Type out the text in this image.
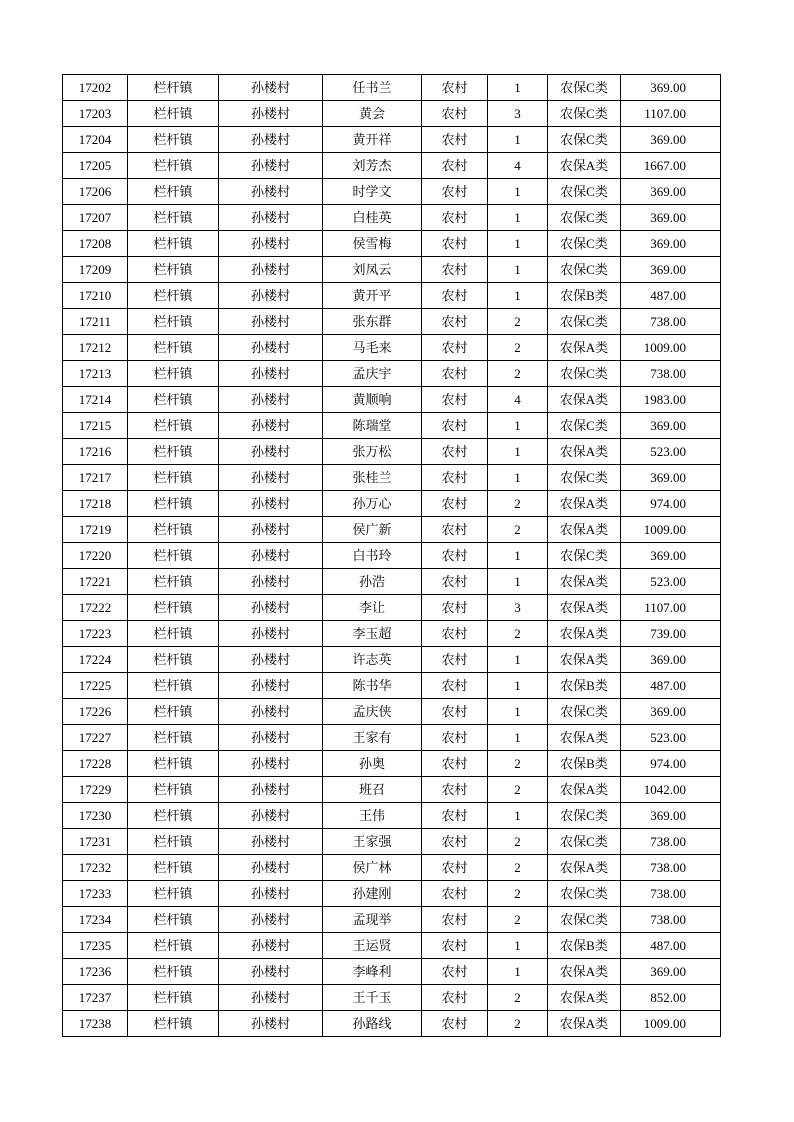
17202	栏杆镇	孙楼村	任书兰	农村	1	农保C类	369.00
17203	栏杆镇	孙楼村	黄会	农村	3	农保C类	1107.00
17204	栏杆镇	孙楼村	黄开祥	农村	1	农保C类	369.00
17205	栏杆镇	孙楼村	刘芳杰	农村	4	农保A类	1667.00
17206	栏杆镇	孙楼村	时学文	农村	1	农保C类	369.00
17207	栏杆镇	孙楼村	白桂英	农村	1	农保C类	369.00
17208	栏杆镇	孙楼村	侯雪梅	农村	1	农保C类	369.00
17209	栏杆镇	孙楼村	刘凤云	农村	1	农保C类	369.00
17210	栏杆镇	孙楼村	黄开平	农村	1	农保B类	487.00
17211	栏杆镇	孙楼村	张东群	农村	2	农保C类	738.00
17212	栏杆镇	孙楼村	马毛来	农村	2	农保A类	1009.00
17213	栏杆镇	孙楼村	孟庆宇	农村	2	农保C类	738.00
17214	栏杆镇	孙楼村	黄顺响	农村	4	农保A类	1983.00
17215	栏杆镇	孙楼村	陈瑞堂	农村	1	农保C类	369.00
17216	栏杆镇	孙楼村	张万松	农村	1	农保A类	523.00
17217	栏杆镇	孙楼村	张桂兰	农村	1	农保C类	369.00
17218	栏杆镇	孙楼村	孙万心	农村	2	农保A类	974.00
17219	栏杆镇	孙楼村	侯广新	农村	2	农保A类	1009.00
17220	栏杆镇	孙楼村	白书玲	农村	1	农保C类	369.00
17221	栏杆镇	孙楼村	孙浩	农村	1	农保A类	523.00
17222	栏杆镇	孙楼村	李让	农村	3	农保A类	1107.00
17223	栏杆镇	孙楼村	李玉超	农村	2	农保A类	739.00
17224	栏杆镇	孙楼村	许志英	农村	1	农保A类	369.00
17225	栏杆镇	孙楼村	陈书华	农村	1	农保B类	487.00
17226	栏杆镇	孙楼村	孟庆侠	农村	1	农保C类	369.00
17227	栏杆镇	孙楼村	王家有	农村	1	农保A类	523.00
17228	栏杆镇	孙楼村	孙奥	农村	2	农保B类	974.00
17229	栏杆镇	孙楼村	班召	农村	2	农保A类	1042.00
17230	栏杆镇	孙楼村	王伟	农村	1	农保C类	369.00
17231	栏杆镇	孙楼村	王家强	农村	2	农保C类	738.00
17232	栏杆镇	孙楼村	侯广林	农村	2	农保A类	738.00
17233	栏杆镇	孙楼村	孙建刚	农村	2	农保C类	738.00
17234	栏杆镇	孙楼村	孟现举	农村	2	农保C类	738.00
17235	栏杆镇	孙楼村	王运贤	农村	1	农保B类	487.00
17236	栏杆镇	孙楼村	李峰利	农村	1	农保A类	369.00
17237	栏杆镇	孙楼村	王千玉	农村	2	农保A类	852.00
17238	栏杆镇	孙楼村	孙路线	农村	2	农保A类	1009.00
